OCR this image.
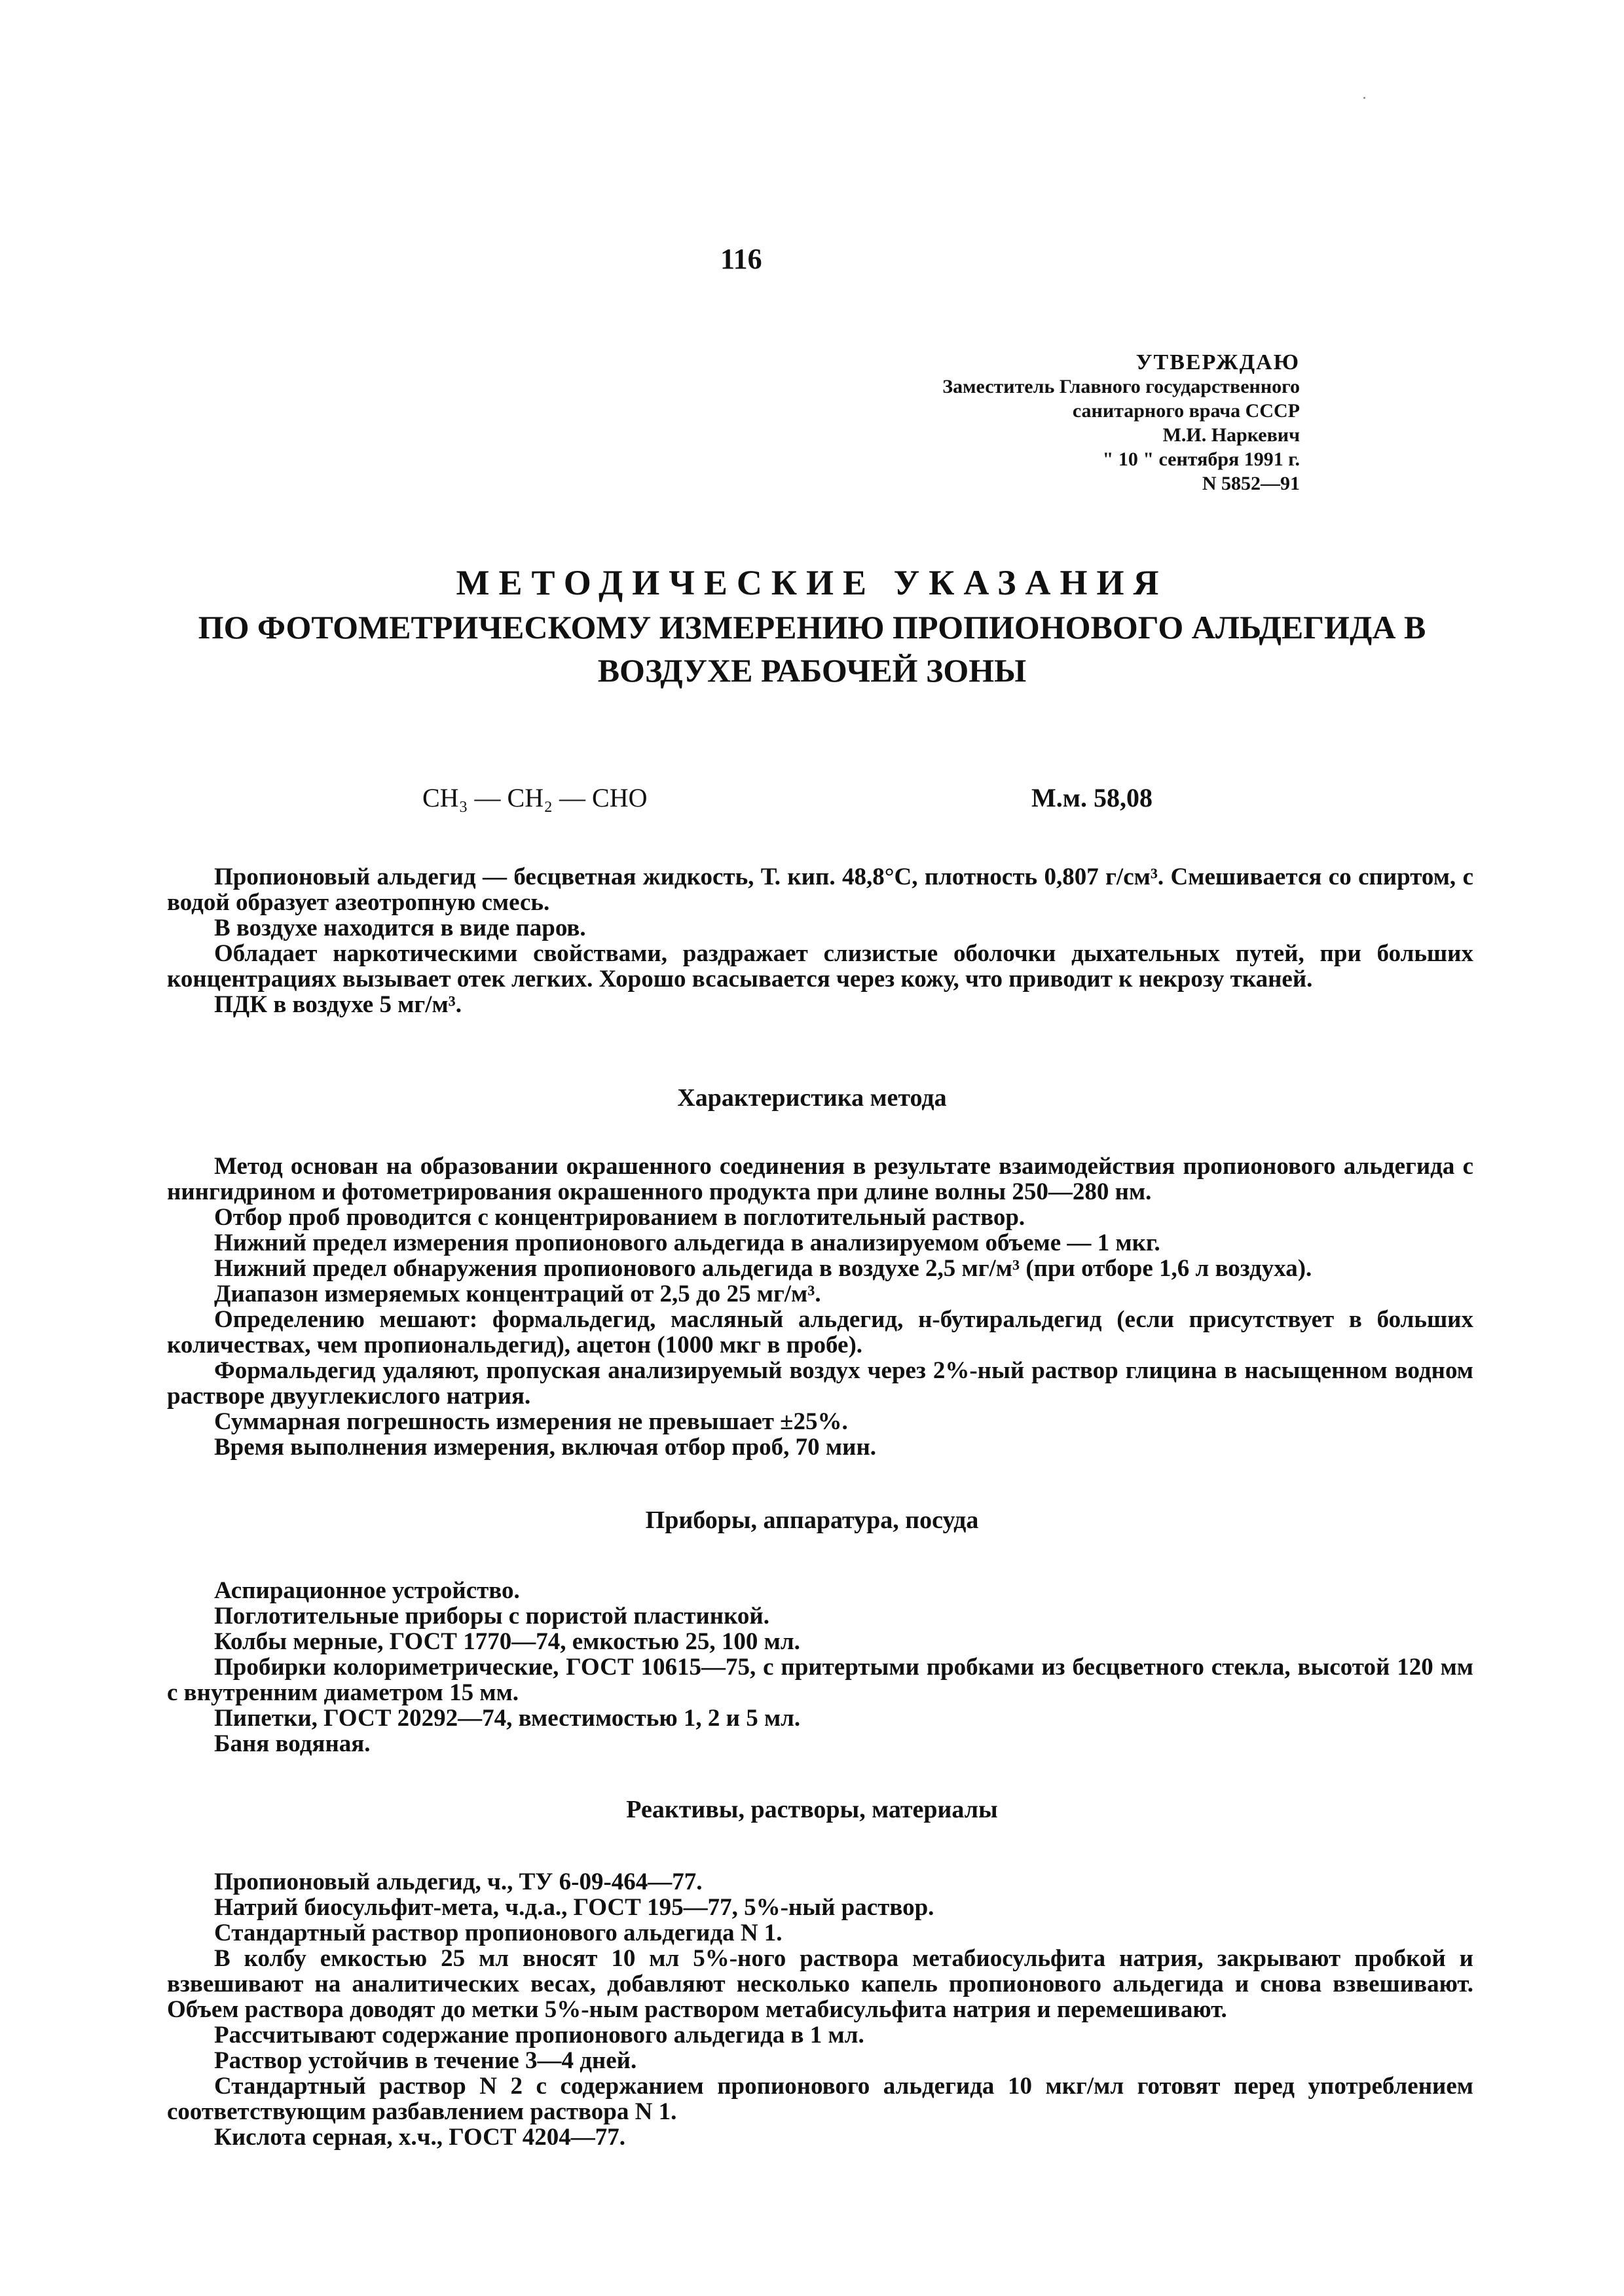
116
УТВЕРЖДАЮ
Заместитель Главного государственного
санитарного врача СССР
М.И. Наркевич
" 10 " сентября 1991 г.
N 5852—91
МЕТОДИЧЕСКИЕ УКАЗАНИЯ
ПО ФОТОМЕТРИЧЕСКОМУ ИЗМЕРЕНИЮ ПРОПИОНОВОГО АЛЬДЕГИДА В
ВОЗДУХЕ РАБОЧЕЙ ЗОНЫ
СН₃ — СН₂ — СНО	М.м. 58,08

Пропионовый альдегид — бесцветная жидкость, Т. кип. 48,8°С, плотность 0,807 г/см³. Смешивается со спиртом, с водой образует азеотропную смесь.

В воздухе находится в виде паров.

Обладает наркотическими свойствами, раздражает слизистые оболочки дыхательных путей, при больших концентрациях вызывает отек легких. Хорошо всасывается через кожу, что приводит к некрозу тканей.

ПДК в воздухе 5 мг/м³.

Характеристика метода

Метод основан на образовании окрашенного соединения в результате взаимодействия пропионового альдегида с нингидрином и фотометрирования окрашенного продукта при длине волны 250—280 нм.

Отбор проб проводится с концентрированием в поглотительный раствор.

Нижний предел измерения пропионового альдегида в анализируемом объеме — 1 мкг.

Нижний предел обнаружения пропионового альдегида в воздухе 2,5 мг/м³ (при отборе 1,6 л воздуха).

Диапазон измеряемых концентраций от 2,5 до 25 мг/м³.

Определению мешают: формальдегид, масляный альдегид, н-бутиральдегид (если присутствует в больших количествах, чем пропиональдегид), ацетон (1000 мкг в пробе).

Формальдегид удаляют, пропуская анализируемый воздух через 2%-ный раствор глицина в насыщенном водном растворе двууглекислого натрия.

Суммарная погрешность измерения не превышает ±25%.

Время выполнения измерения, включая отбор проб, 70 мин.

Приборы, аппаратура, посуда

Аспирационное устройство.

Поглотительные приборы с пористой пластинкой.

Колбы мерные, ГОСТ 1770—74, емкостью 25, 100 мл.

Пробирки колориметрические, ГОСТ 10615—75, с притертыми пробками из бесцветного стекла, высотой 120 мм с внутренним диаметром 15 мм.

Пипетки, ГОСТ 20292—74, вместимостью 1, 2 и 5 мл.

Баня водяная.

Реактивы, растворы, материалы

Пропионовый альдегид, ч., ТУ 6-09-464—77.

Натрий биосульфит-мета, ч.д.а., ГОСТ 195—77, 5%-ный раствор.

Стандартный раствор пропионового альдегида N 1.

В колбу емкостью 25 мл вносят 10 мл 5%-ного раствора метабиосульфита натрия, закрывают пробкой и взвешивают на аналитических весах, добавляют несколько капель пропионового альдегида и снова взвешивают. Объем раствора доводят до метки 5%-ным раствором метабисульфита натрия и перемешивают.

Рассчитывают содержание пропионового альдегида в 1 мл.

Раствор устойчив в течение 3—4 дней.

Стандартный раствор N 2 с содержанием пропионового альдегида 10 мкг/мл готовят перед употреблением соответствующим разбавлением раствора N 1.

Кислота серная, х.ч., ГОСТ 4204—77.
